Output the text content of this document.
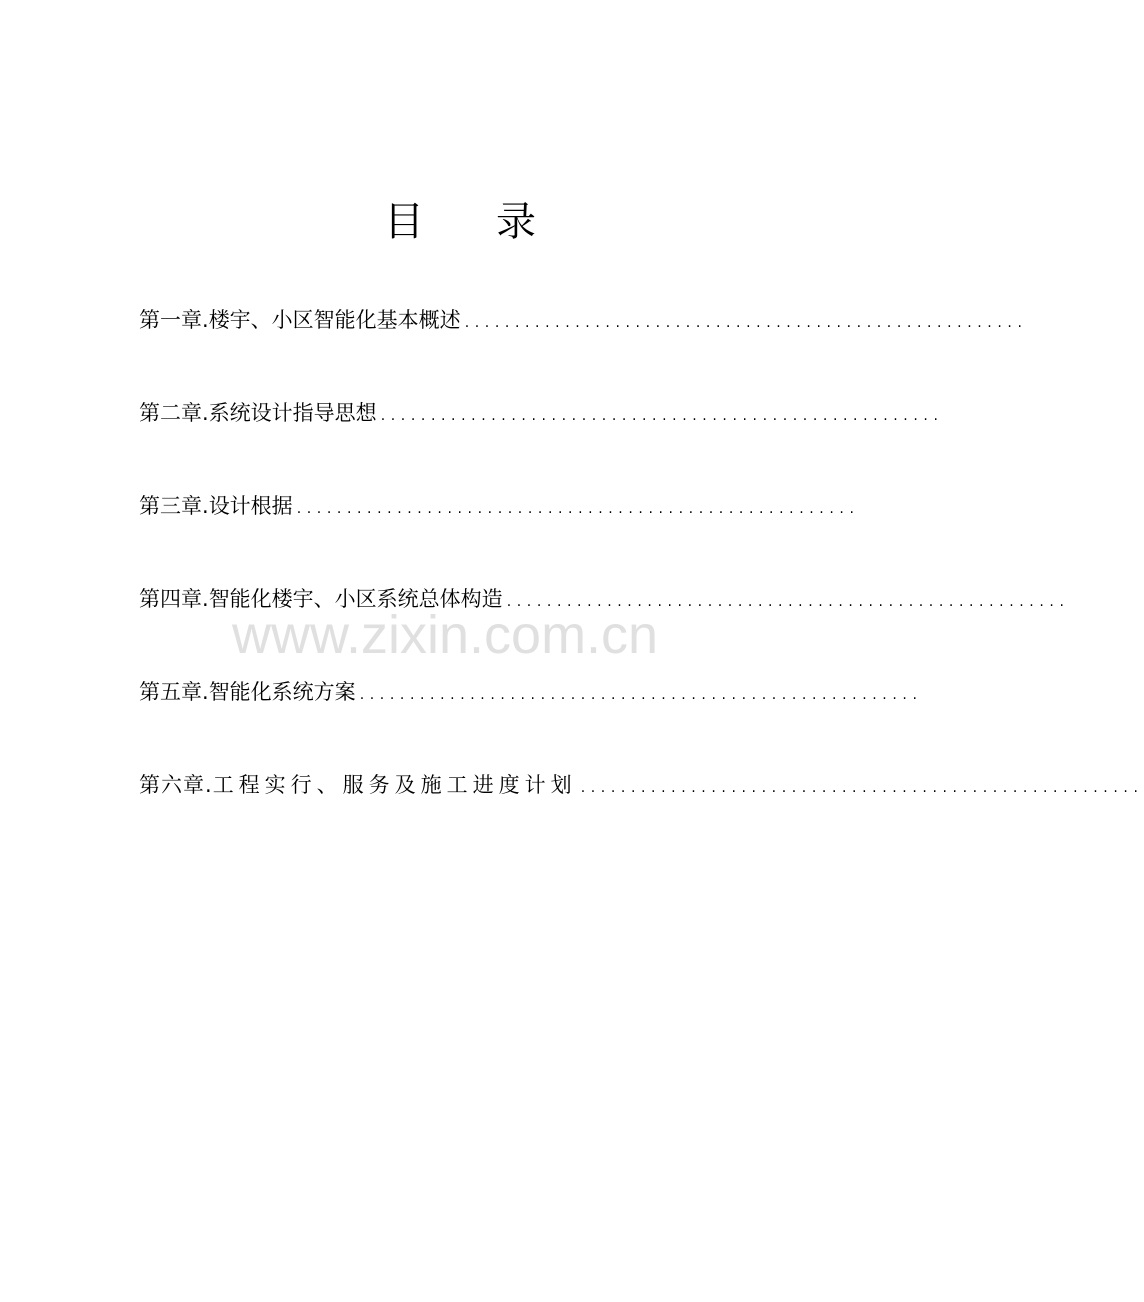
目录
第一章. 楼宇、小区智能化基本概述 ........................................................
第二章. 系统设计指导思想 ........................................................
第三章. 设计根据 ........................................................
第四章. 智能化楼宇、小区系统总体构造 ........................................................
第五章. 智能化系统方案 ........................................................
第六章. 工程实行、服务及施工进度计划 ........................................................
www.zixin.com.cn
